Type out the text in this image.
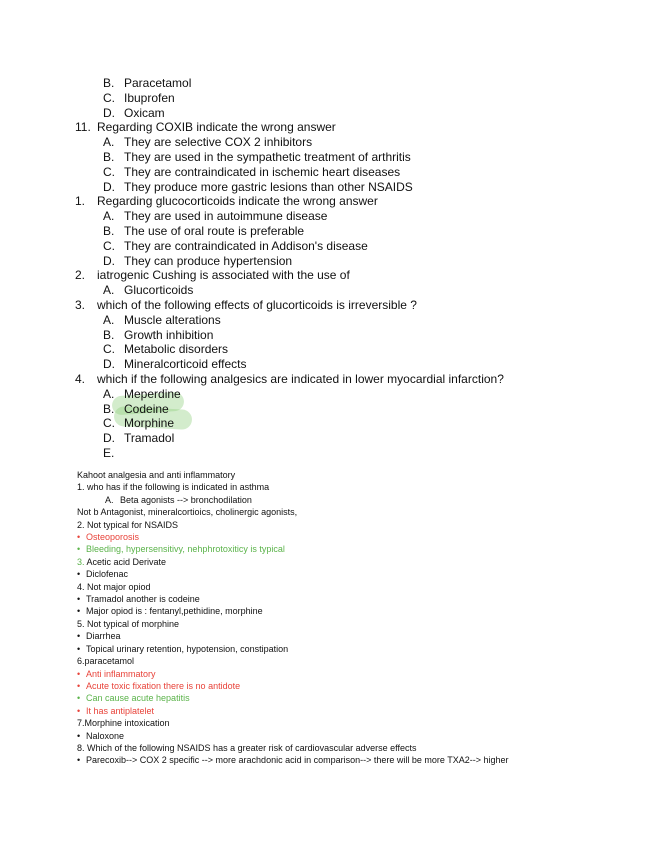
B. Paracetamol
C. Ibuprofen
D. Oxicam
11. Regarding COXIB indicate the wrong answer
A. They are selective COX 2 inhibitors
B. They are used in the sympathetic treatment of arthritis
C. They are contraindicated in ischemic heart diseases
D. They produce more gastric lesions than other NSAIDS
1. Regarding glucocorticoids indicate the wrong answer
A. They are used in autoimmune disease
B. The use of oral route is preferable
C. They are contraindicated in Addison's disease
D. They can produce hypertension
2. iatrogenic Cushing is associated with the use of
A. Glucorticoids
3. which of the following effects of glucorticoids is irreversible ?
A. Muscle alterations
B. Growth inhibition
C. Metabolic disorders
D. Mineralcorticoid effects
4. which if the following analgesics are indicated in lower myocardial infarction?
A. Meperdine
B. Codeine
C. Morphine
D. Tramadol
E.
Kahoot analgesia and anti inflammatory
1. who has if the following is indicated in asthma
A. Beta agonists --> bronchodilation
Not b Antagonist, mineralcortioics, cholinergic agonists,
2. Not typical for NSAIDS
• Osteoporosis
• Bleeding, hypersensitivy, nehphrotoxiticy is typical
3. Acetic acid Derivate
• Diclofenac
4. Not major opiod
• Tramadol another is codeine
• Major opiod is : fentanyl,pethidine, morphine
5. Not typical of morphine
• Diarrhea
• Topical urinary retention, hypotension, constipation
6.paracetamol
• Anti inflammatory
• Acute toxic fixation there is no antidote
• Can cause acute hepatitis
• It has antiplatelet
7.Morphine intoxication
• Naloxone
8. Which of the following NSAIDS has a greater risk of cardiovascular adverse effects
• Parecoxib--> COX 2 specific --> more arachdonic acid in comparison--> there will be more TXA2--> higher
